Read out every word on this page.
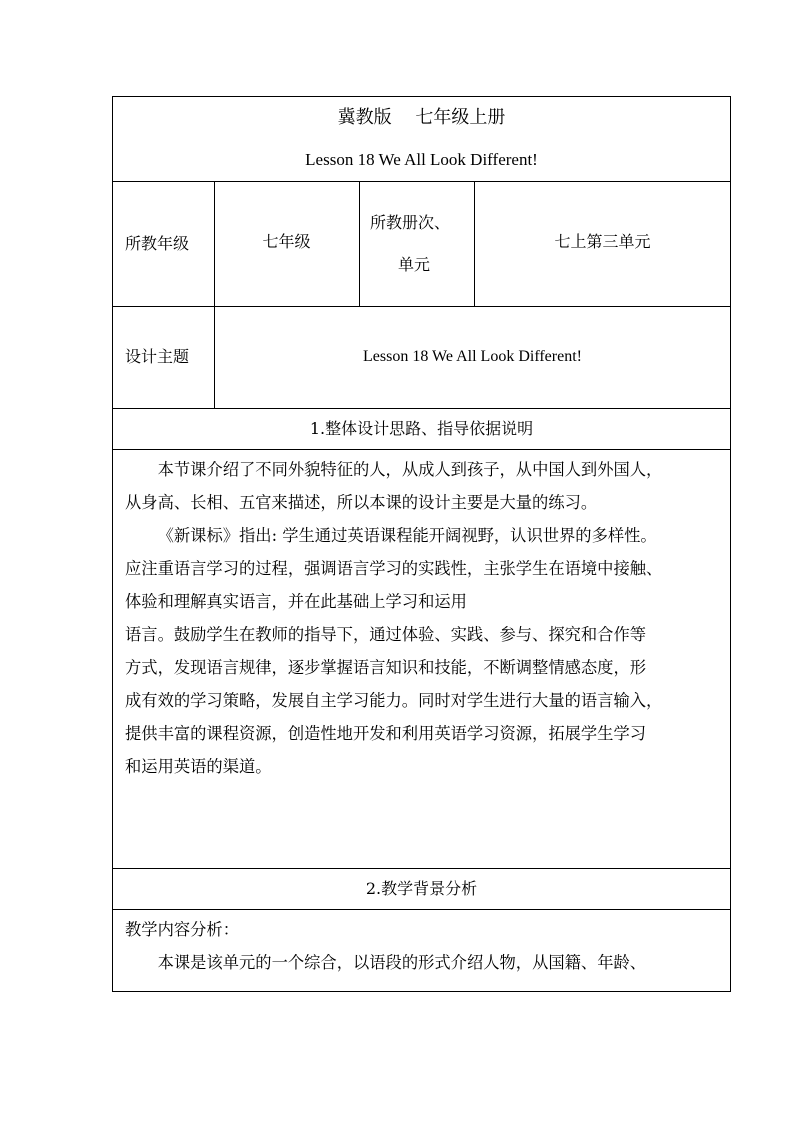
冀教版　 七年级上册
Lesson 18 We All Look Different!
所教年级	七年级
所教册次、
单元
七上第三单元
设计主题	Lesson 18 We All Look Different!
1.整体设计思路、指导依据说明
本节课介绍了不同外貌特征的人，从成人到孩子，从中国人到外国人，
从身高、长相、五官来描述，所以本课的设计主要是大量的练习。
《新课标》指出: 学生通过英语课程能开阔视野，认识世界的多样性。
应注重语言学习的过程，强调语言学习的实践性，主张学生在语境中接触、
体验和理解真实语言，并在此基础上学习和运用
语言。鼓励学生在教师的指导下，通过体验、实践、参与、探究和合作等
方式，发现语言规律，逐步掌握语言知识和技能，不断调整情感态度，形
成有效的学习策略，发展自主学习能力。同时对学生进行大量的语言输入，
提供丰富的课程资源，创造性地开发和利用英语学习资源，拓展学生学习
和运用英语的渠道。
2.教学背景分析
教学内容分析：
本课是该单元的一个综合，以语段的形式介绍人物，从国籍、年龄、
